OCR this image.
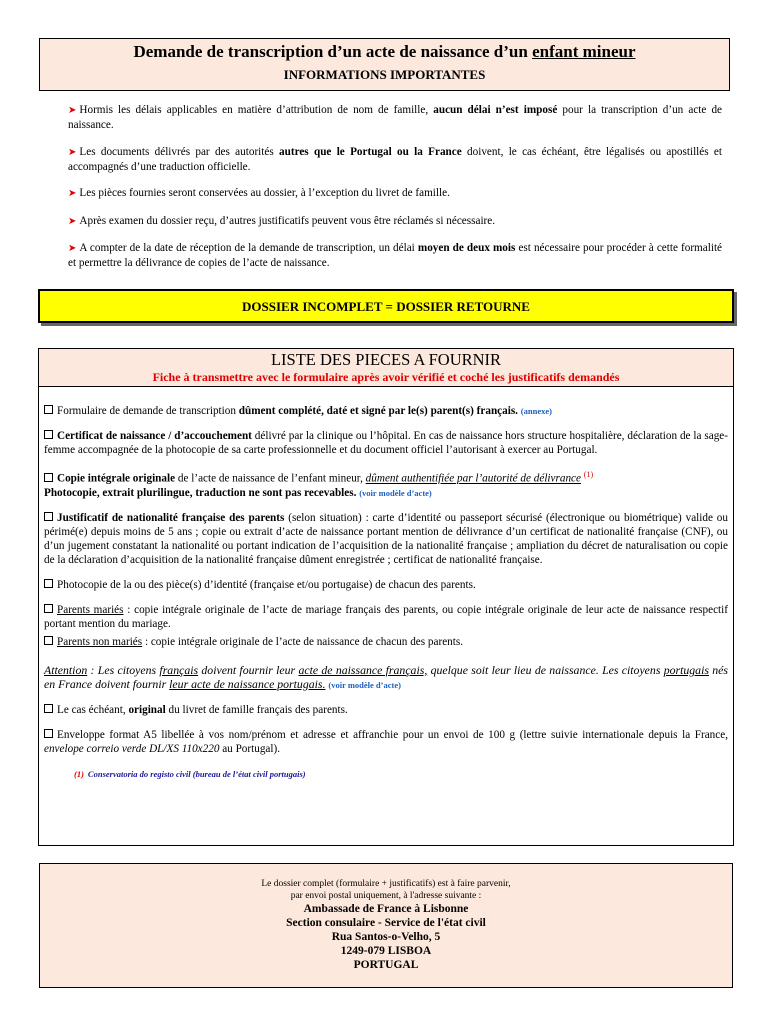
Demande de transcription d’un acte de naissance d’un enfant mineur
INFORMATIONS IMPORTANTES

➤ Hormis les délais applicables en matière d’attribution de nom de famille, aucun délai n’est imposé pour la transcription d’un acte de naissance.

➤ Les documents délivrés par des autorités autres que le Portugal ou la France doivent, le cas échéant, être légalisés ou apostillés et accompagnés d’une traduction officielle.

➤ Les pièces fournies seront conservées au dossier, à l’exception du livret de famille.

➤ Après examen du dossier reçu, d’autres justificatifs peuvent vous être réclamés si nécessaire.

➤ A compter de la date de réception de la demande de transcription, un délai moyen de deux mois est nécessaire pour procéder à cette formalité et permettre la délivrance de copies de l’acte de naissance.

DOSSIER INCOMPLET = DOSSIER RETOURNE
LISTE DES PIECES A FOURNIR
Fiche à transmettre avec le formulaire après avoir vérifié et coché les justificatifs demandés

Formulaire de demande de transcription dûment complété, daté et signé par le(s) parent(s) français. (annexe)

Certificat de naissance / d’accouchement délivré par la clinique ou l’hôpital. En cas de naissance hors structure hospitalière, déclaration de la sage-femme accompagnée de la photocopie de sa carte professionnelle et du document officiel l’autorisant à exercer au Portugal.

Copie intégrale originale de l’acte de naissance de l’enfant mineur, dûment authentifiée par l’autorité de délivrance $^{(1)}$
Photocopie, extrait plurilingue, traduction ne sont pas recevables. (voir modèle d’acte)

Justificatif de nationalité française des parents (selon situation) : carte d’identité ou passeport sécurisé (électronique ou biométrique) valide ou périmé(e) depuis moins de 5 ans ; copie ou extrait d’acte de naissance portant mention de délivrance d’un certificat de nationalité française (CNF), ou d’un jugement constatant la nationalité ou portant indication de l’acquisition de la nationalité française ; ampliation du décret de naturalisation ou copie de la déclaration d’acquisition de la nationalité française dûment enregistrée ; certificat de nationalité française.

Photocopie de la ou des pièce(s) d’identité (française et/ou portugaise) de chacun des parents.

Parents mariés : copie intégrale originale de l’acte de mariage français des parents, ou copie intégrale originale de leur acte de naissance respectif portant mention du mariage.

Parents non mariés : copie intégrale originale de l’acte de naissance de chacun des parents.

Attention : Les citoyens français doivent fournir leur acte de naissance français, quelque soit leur lieu de naissance. Les citoyens portugais nés en France doivent fournir leur acte de naissance portugais. (voir modèle d’acte)

Le cas échéant, original du livret de famille français des parents.

Enveloppe format A5 libellée à vos nom/prénom et adresse et affranchie pour un envoi de 100 g (lettre suivie internationale depuis la France, envelope correio verde DL/XS 110x220 au Portugal).

(1) Conservatoria do registo civil (bureau de l’état civil portugais)
Le dossier complet (formulaire + justificatifs) est à faire parvenir,
par envoi postal uniquement, à l'adresse suivante :
Ambassade de France à Lisbonne
Section consulaire - Service de l'état civil
Rua Santos-o-Velho, 5
1249-079 LISBOA
PORTUGAL
